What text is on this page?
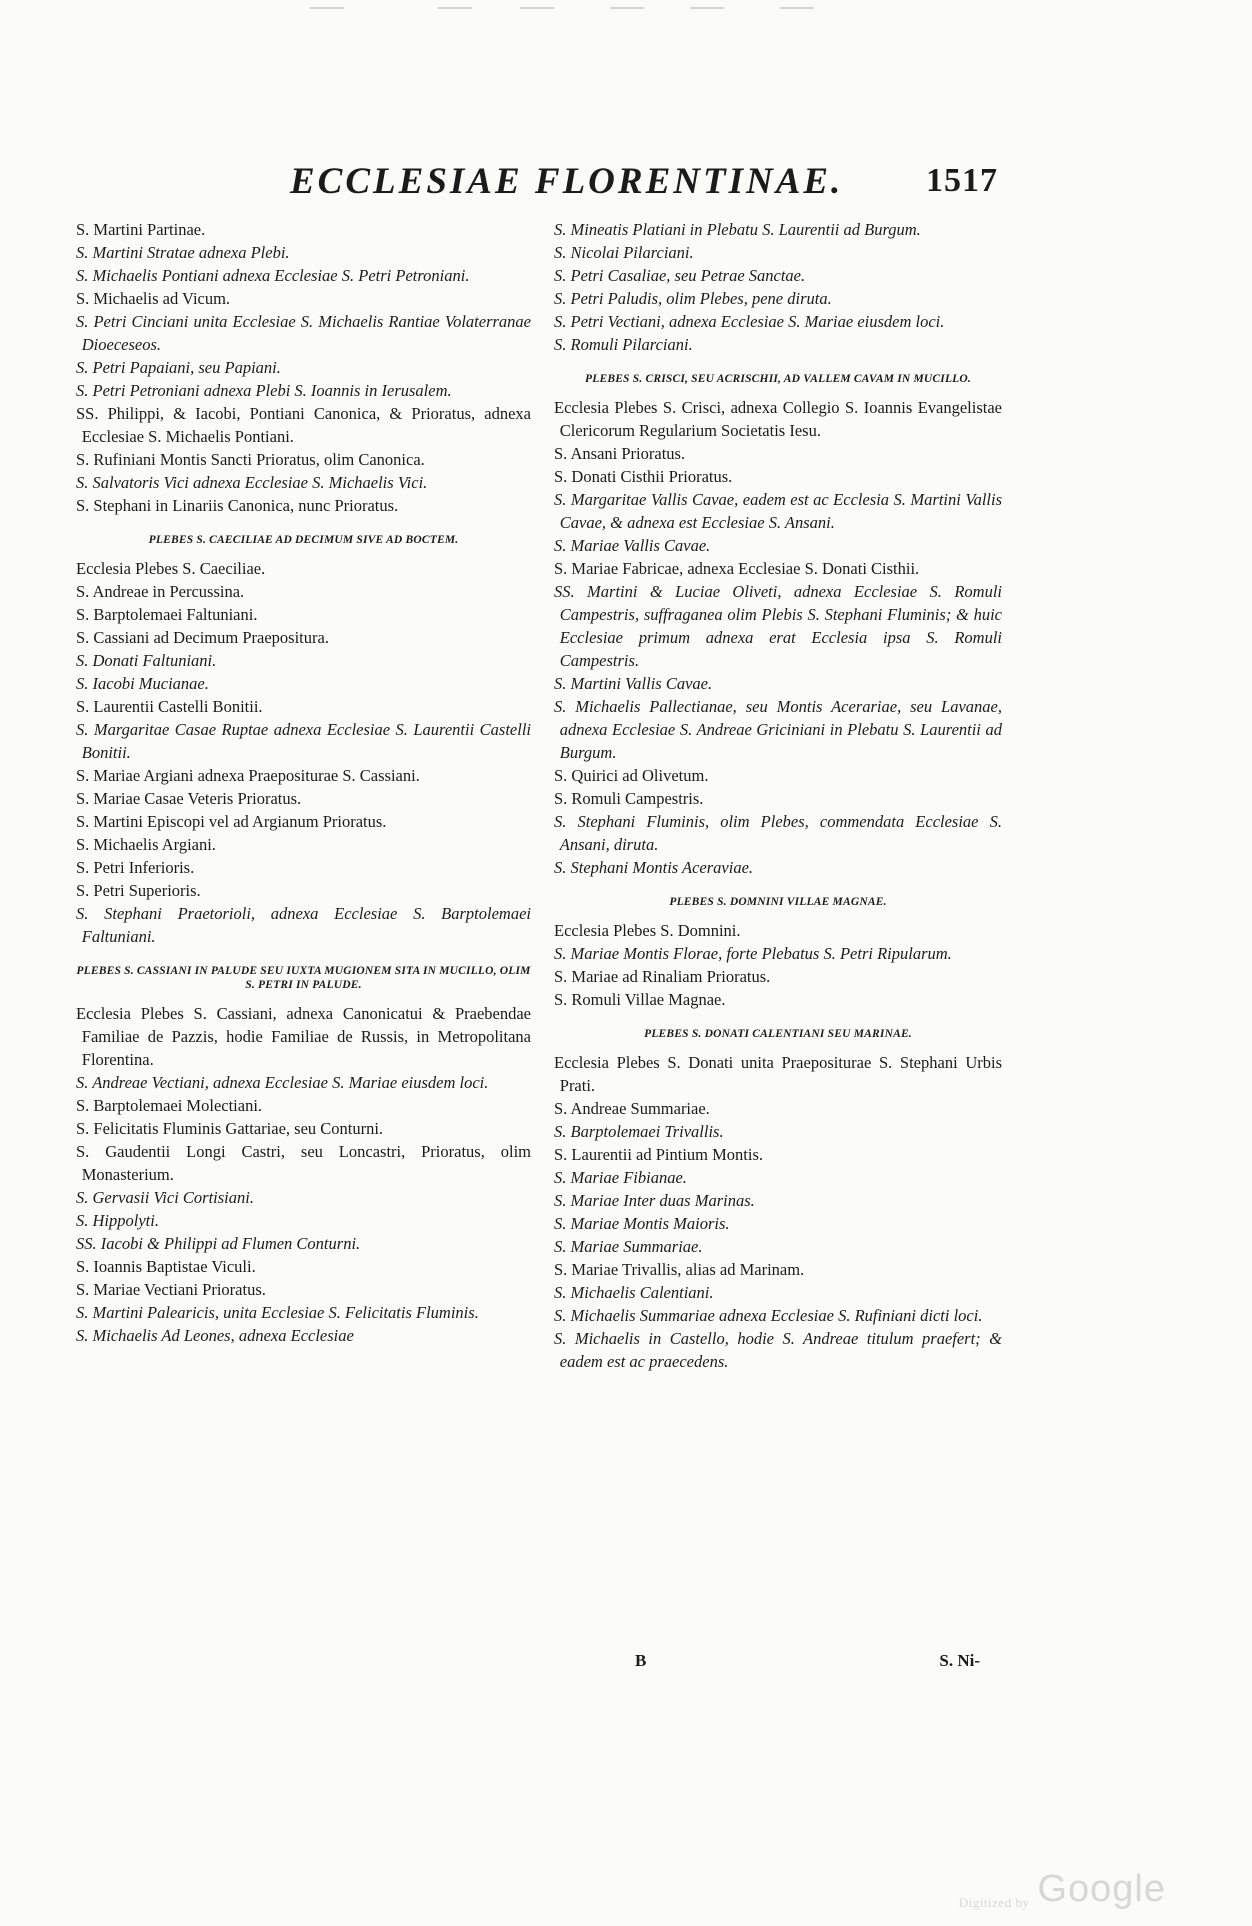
ECCLESIAE FLORENTINAE. 1517

S. Martini Partinae.

S. Martini Stratae adnexa Plebi.

S. Michaelis Pontiani adnexa Ecclesiae S. Petri Petroniani.

S. Michaelis ad Vicum.

S. Petri Cinciani unita Ecclesiae S. Michaelis Rantiae Volaterranae Dioeceseos.

S. Petri Papaiani, seu Papiani.

S. Petri Petroniani adnexa Plebi S. Ioannis in Ierusalem.

SS. Philippi, & Iacobi, Pontiani Canonica, & Prioratus, adnexa Ecclesiae S. Michaelis Pontiani.

S. Rufiniani Montis Sancti Prioratus, olim Canonica.

S. Salvatoris Vici adnexa Ecclesiae S. Michaelis Vici.

S. Stephani in Linariis Canonica, nunc Prioratus.

PLEBES S. CAECILIAE AD DECIMUM SIVE AD BOCTEM.

Ecclesia Plebes S. Caeciliae.

S. Andreae in Percussina.

S. Barptolemaei Faltuniani.

S. Cassiani ad Decimum Praepositura.

S. Donati Faltuniani.

S. Iacobi Mucianae.

S. Laurentii Castelli Bonitii.

S. Margaritae Casae Ruptae adnexa Ecclesiae S. Laurentii Castelli Bonitii.

S. Mariae Argiani adnexa Praepositurae S. Cassiani.

S. Mariae Casae Veteris Prioratus.

S. Martini Episcopi vel ad Argianum Prioratus.

S. Michaelis Argiani.

S. Petri Inferioris.

S. Petri Superioris.

S. Stephani Praetorioli, adnexa Ecclesiae S. Barptolemaei Faltuniani.

PLEBES S. CASSIANI IN PALUDE SEU IUXTA MUGIONEM SITA IN MUCILLO, OLIM S. PETRI IN PALUDE.

Ecclesia Plebes S. Cassiani, adnexa Canonicatui & Praebendae Familiae de Pazzis, hodie Familiae de Russis, in Metropolitana Florentina.

S. Andreae Vectiani, adnexa Ecclesiae S. Mariae eiusdem loci.

S. Barptolemaei Molectiani.

S. Felicitatis Fluminis Gattariae, seu Conturni.

S. Gaudentii Longi Castri, seu Loncastri, Prioratus, olim Monasterium.

S. Gervasii Vici Cortisiani.

S. Hippolyti.

SS. Iacobi & Philippi ad Flumen Conturni.

S. Ioannis Baptistae Viculi.

S. Mariae Vectiani Prioratus.

S. Martini Palearicis, unita Ecclesiae S. Felicitatis Fluminis.

S. Michaelis Ad Leones, adnexa Ecclesiae

S. Mineatis Platiani in Plebatu S. Laurentii ad Burgum.

S. Nicolai Pilarciani.

S. Petri Casaliae, seu Petrae Sanctae.

S. Petri Paludis, olim Plebes, pene diruta.

S. Petri Vectiani, adnexa Ecclesiae S. Mariae eiusdem loci.

S. Romuli Pilarciani.

PLEBES S. CRISCI, SEU ACRISCHII, AD VALLEM CAVAM IN MUCILLO.

Ecclesia Plebes S. Crisci, adnexa Collegio S. Ioannis Evangelistae Clericorum Regularium Societatis Iesu.

S. Ansani Prioratus.

S. Donati Cisthii Prioratus.

S. Margaritae Vallis Cavae, eadem est ac Ecclesia S. Martini Vallis Cavae, & adnexa est Ecclesiae S. Ansani.

S. Mariae Vallis Cavae.

S. Mariae Fabricae, adnexa Ecclesiae S. Donati Cisthii.

SS. Martini & Luciae Oliveti, adnexa Ecclesiae S. Romuli Campestris, suffraganea olim Plebis S. Stephani Fluminis; & huic Ecclesiae primum adnexa erat Ecclesia ipsa S. Romuli Campestris.

S. Martini Vallis Cavae.

S. Michaelis Pallectianae, seu Montis Acerariae, seu Lavanae, adnexa Ecclesiae S. Andreae Griciniani in Plebatu S. Laurentii ad Burgum.

S. Quirici ad Olivetum.

S. Romuli Campestris.

S. Stephani Fluminis, olim Plebes, commendata Ecclesiae S. Ansani, diruta.

S. Stephani Montis Aceraviae.

PLEBES S. DOMNINI VILLAE MAGNAE.

Ecclesia Plebes S. Domnini.

S. Mariae Montis Florae, forte Plebatus S. Petri Ripularum.

S. Mariae ad Rinaliam Prioratus.

S. Romuli Villae Magnae.

PLEBES S. DONATI CALENTIANI SEU MARINAE.

Ecclesia Plebes S. Donati unita Praepositurae S. Stephani Urbis Prati.

S. Andreae Summariae.

S. Barptolemaei Trivallis.

S. Laurentii ad Pintium Montis.

S. Mariae Fibianae.

S. Mariae Inter duas Marinas.

S. Mariae Montis Maioris.

S. Mariae Summariae.

S. Mariae Trivallis, alias ad Marinam.

S. Michaelis Calentiani.

S. Michaelis Summariae adnexa Ecclesiae S. Rufiniani dicti loci.

S. Michaelis in Castello, hodie S. Andreae titulum praefert; & eadem est ac praecedens.

B	S. Ni-
Digitized by Google
